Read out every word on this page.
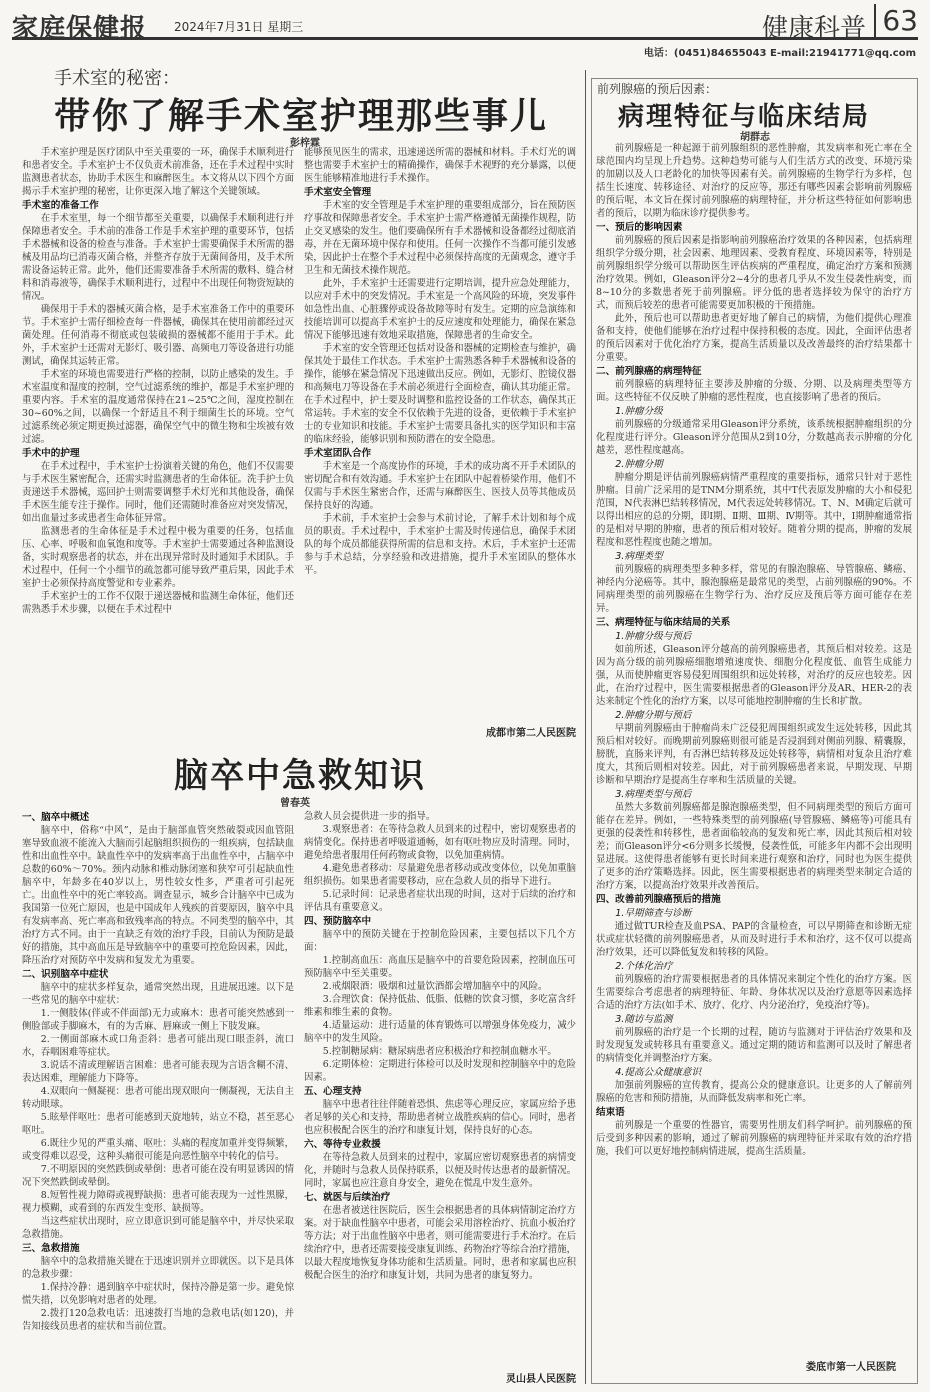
家庭保健报 2024年7月31日 星期三	健康科普 63
电话：(0451)84655043 E-mail:21941771@qq.com
手术室的秘密：
带你了解手术室护理那些事儿
彭梓霖

手术室护理是医疗团队中至关重要的一环，确保手术顺利进行和患者安全。手术室护士不仅负责术前准备，还在手术过程中实时监测患者状态，协助手术医生和麻醉医生。本文将从以下四个方面揭示手术室护理的秘密，让你更深入地了解这个关键领域。

手术室的准备工作

在手术室里，每一个细节都至关重要，以确保手术顺利进行并保障患者安全。手术前的准备工作是手术室护理的重要环节，包括手术器械和设备的检查与准备。手术室护士需要确保手术所需的器械及用品均已消毒灭菌合格，并整齐存放于无菌间备用，及手术所需设备运转正常。此外，他们还需要准备手术所需的敷料、缝合材料和消毒液等，确保手术顺利进行，过程中不出现任何物资短缺的情况。

确保用于手术的器械灭菌合格，是手术室准备工作中的重要环节。手术室护士需仔细检查每一件器械，确保其在使用前都经过灭菌处理。任何消毒不彻底或包装破损的器械都不能用于手术。此外，手术室护士还需对无影灯、吸引器、高频电刀等设备进行功能测试，确保其运转正常。

手术室的环境也需要进行严格的控制，以防止感染的发生。手术室温度和湿度的控制，空气过滤系统的维护，都是手术室护理的重要内容。手术室的温度通常保持在21~25℃之间，湿度控制在30~60%之间，以确保一个舒适且不利于细菌生长的环境。空气过滤系统必须定期更换过滤器，确保空气中的微生物和尘埃被有效过滤。

手术中的护理

在手术过程中，手术室护士扮演着关键的角色，他们不仅需要与手术医生紧密配合，还需实时监测患者的生命体征。洗手护士负责递送手术器械，巡回护士则需要调整手术灯光和其他设备，确保手术医生能专注于操作。同时，他们还需随时准备应对突发情况，如出血量过多或患者生命体征异常。

监测患者的生命体征是手术过程中极为重要的任务，包括血压、心率、呼吸和血氧饱和度等。手术室护士需要通过各种监测设备，实时观察患者的状态，并在出现异常时及时通知手术团队。手术过程中，任何一个小细节的疏忽都可能导致严重后果，因此手术室护士必须保持高度警觉和专业素养。

手术室护士的工作不仅限于递送器械和监测生命体征，他们还需熟悉手术步骤，以便在手术过程中

能够预见医生的需求，迅速递送所需的器械和材料。手术灯光的调整也需要手术室护士的精确操作，确保手术视野的充分暴露，以便医生能够精准地进行手术操作。

手术室安全管理

手术室的安全管理是手术室护理的重要组成部分，旨在预防医疗事故和保障患者安全。手术室护士需严格遵循无菌操作规程，防止交叉感染的发生。他们要确保所有手术器械和设备都经过彻底消毒，并在无菌环境中保存和使用。任何一次操作不当都可能引发感染，因此护士在整个手术过程中必须保持高度的无菌观念，遵守手卫生和无菌技术操作规范。

此外，手术室护士还需要进行定期培训，提升应急处理能力，以应对手术中的突发情况。手术室是一个高风险的环境，突发事件如急性出血、心脏骤停或设备故障等时有发生。定期的应急演练和技能培训可以提高手术室护士的反应速度和处理能力，确保在紧急情况下能够迅速有效地采取措施，保障患者的生命安全。

手术室的安全管理还包括对设备和器械的定期检查与维护，确保其处于最佳工作状态。手术室护士需熟悉各种手术器械和设备的操作，能够在紧急情况下迅速做出反应。例如，无影灯、腔镜仪器和高频电刀等设备在手术前必须进行全面检查，确认其功能正常。在手术过程中，护士要及时调整和监控设备的工作状态，确保其正常运转。手术室的安全不仅依赖于先进的设备，更依赖于手术室护士的专业知识和技能。手术室护士需要具备扎实的医学知识和丰富的临床经验，能够识别和预防潜在的安全隐患。

手术室团队合作

手术室是一个高度协作的环境，手术的成功离不开手术团队的密切配合和有效沟通。手术室护士在团队中起着桥梁作用，他们不仅需与手术医生紧密合作，还需与麻醉医生、医技人员等其他成员保持良好的沟通。

手术前，手术室护士会参与术前讨论，了解手术计划和每个成员的职责。手术过程中，手术室护士需及时传递信息，确保手术团队的每个成员都能获得所需的信息和支持。术后，手术室护士还需参与手术总结，分享经验和改进措施，提升手术室团队的整体水平。

成都市第二人民医院
脑卒中急救知识
曾春英
一、脑卒中概述

脑卒中，俗称“中风”，是由于脑部血管突然破裂或因血管阻塞导致血液不能流入大脑而引起脑组织损伤的一组疾病，包括缺血性和出血性卒中。缺血性卒中的发病率高于出血性卒中，占脑卒中总数的60%～70%。颈内动脉和椎动脉闭塞和狭窄可引起缺血性脑卒中，年龄多在40岁以上，男性较女性多，严重者可引起死亡。出血性卒中的死亡率较高。调查显示，城乡合计脑卒中已成为我国第一位死亡原因，也是中国成年人残疾的首要原因，脑卒中具有发病率高、死亡率高和致残率高的特点。不同类型的脑卒中，其治疗方式不同。由于一直缺乏有效的治疗手段，目前认为预防是最好的措施，其中高血压是导致脑卒中的重要可控危险因素，因此，降压治疗对预防卒中发病和复发尤为重要。

二、识别脑卒中症状

脑卒中的症状多样复杂，通常突然出现，且进展迅速。以下是一些常见的脑卒中症状：

1.一侧肢体(伴或不伴面部)无力或麻木：患者可能突然感到一侧脸部或手脚麻木，有的为舌麻、唇麻或一侧上下肢发麻。

2.一侧面部麻木或口角歪斜：患者可能出现口眼歪斜，流口水，吞咽困难等症状。

3.说话不清或理解语言困难：患者可能表现为言语含糊不清、表达困难，理解能力下降等。

4.双眼向一侧凝视：患者可能出现双眼向一侧凝视，无法自主转动眼球。

5.眩晕伴呕吐：患者可能感到天旋地转，站立不稳，甚至恶心呕吐。

6.既往少见的严重头痛、呕吐：头痛的程度加重并变得频繁，或变得难以忍受，这种头痛很可能是向恶性脑卒中转化的信号。

7.不明原因的突然跌倒或晕倒：患者可能在没有明显诱因的情况下突然跌倒或晕倒。

8.短暂性视力障碍或视野缺损：患者可能表现为一过性黑朦，视力模糊，或看到的东西发生变形、缺损等。

当这些症状出现时，应立即意识到可能是脑卒中，并尽快采取急救措施。

三、急救措施

脑卒中的急救措施关键在于迅速识别并立即就医。以下是具体的急救步骤：

1.保持冷静：遇到脑卒中症状时，保持冷静是第一步。避免惊慌失措，以免影响对患者的处理。

2.拨打120急救电话：迅速拨打当地的急救电话(如120)，并告知接线员患者的症状和当前位置。

急救人员会提供进一步的指导。

3.观察患者：在等待急救人员到来的过程中，密切观察患者的病情变化。保持患者呼吸道通畅，如有呕吐物应及时清理。同时，避免给患者服用任何药物或食物，以免加重病情。

4.避免患者移动：尽量避免患者移动或改变体位，以免加重脑组织损伤。如果患者需要移动，应在急救人员的指导下进行。

5.记录时间：记录患者症状出现的时间，这对于后续的治疗和评估具有重要意义。

四、预防脑卒中

脑卒中的预防关键在于控制危险因素，主要包括以下几个方面：

1.控制高血压：高血压是脑卒中的首要危险因素，控制血压可预防脑卒中至关重要。

2.戒烟限酒：吸烟和过量饮酒都会增加脑卒中的风险。

3.合理饮食：保持低盐、低脂、低糖的饮食习惯，多吃富含纤维素和维生素的食物。

4.适量运动：进行适量的体育锻炼可以增强身体免疫力，减少脑卒中的发生风险。

5.控制糖尿病：糖尿病患者应积极治疗和控制血糖水平。

6.定期体检：定期进行体检可以及时发现和控制脑卒中的危险因素。

五、心理支持

脑卒中患者往往伴随着恐惧、焦虑等心理反应，家属应给予患者足够的关心和支持，帮助患者树立战胜疾病的信心。同时，患者也应积极配合医生的治疗和康复计划，保持良好的心态。

六、等待专业救援

在等待急救人员到来的过程中，家属应密切观察患者的病情变化，并随时与急救人员保持联系，以便及时传达患者的最新情况。同时，家属也应注意自身安全，避免在慌乱中发生意外。

七、就医与后续治疗

在患者被送往医院后，医生会根据患者的具体病情制定治疗方案。对于缺血性脑卒中患者，可能会采用溶栓治疗、抗血小板治疗等方法；对于出血性脑卒中患者，则可能需要进行手术治疗。在后续治疗中，患者还需要接受康复训练、药物治疗等综合治疗措施，以最大程度地恢复身体功能和生活质量。同时，患者和家属也应积极配合医生的治疗和康复计划，共同为患者的康复努力。

灵山县人民医院
前列腺癌的预后因素：
病理特征与临床结局
胡群志

前列腺癌是一种起源于前列腺组织的恶性肿瘤，其发病率和死亡率在全球范围内均呈现上升趋势。这种趋势可能与人们生活方式的改变、环境污染的加剧以及人口老龄化的加快等因素有关。前列腺癌的生物学行为多样，包括生长速度、转移途径、对治疗的反应等，那还有哪些因素会影响前列腺癌的预后呢，本文旨在探讨前列腺癌的病理特征，并分析这些特征如何影响患者的预后，以期为临床诊疗提供参考。

一、预后的影响因素

前列腺癌的预后因素是指影响前列腺癌治疗效果的各种因素，包括病理组织学分级分期，社会因素、地理因素、受教育程度、环境因素等，特别是前列腺组织学分级可以帮助医生评估疾病的严重程度，确定治疗方案和预测治疗效果。例如，Gleason评分2~4分的患者几乎从不发生侵袭性病变，而8~10分的多数患者死于前列腺癌。评分低的患者选择较为保守的治疗方式，而预后较差的患者可能需要更加积极的干预措施。

此外，预后也可以帮助患者更好地了解自己的病情，为他们提供心理准备和支持，使他们能够在治疗过程中保持积极的态度。因此，全面评估患者的预后因素对于优化治疗方案，提高生活质量以及改善最终的治疗结果都十分重要。

二、前列腺癌的病理特征

前列腺癌的病理特征主要涉及肿瘤的分级、分期、以及病理类型等方面。这些特征不仅反映了肿瘤的恶性程度，也直接影响了患者的预后。

1.肿瘤分级

前列腺癌的分级通常采用Gleason评分系统，该系统根据肿瘤组织的分化程度进行评分。Gleason评分范围从2到10分，分数越高表示肿瘤的分化越差，恶性程度越高。

2.肿瘤分期

肿瘤分期是评估前列腺癌病情严重程度的重要指标，通常只针对于恶性肿瘤。目前广泛采用的是TNM分期系统，其中T代表原发肿瘤的大小和侵犯范围，N代表淋巴结转移情况，M代表远处转移情况。T、N、M确定后就可以得出相应的总的分期，即Ⅰ期、Ⅱ期、Ⅲ期、Ⅳ期等。其中，Ⅰ期肿瘤通常指的是相对早期的肿瘤，患者的预后相对较好。随着分期的提高，肿瘤的发展程度和恶性程度也随之增加。

3.病理类型

前列腺癌的病理类型多种多样，常见的有腺泡腺癌、导管腺癌、鳞癌、神经内分泌癌等。其中，腺泡腺癌是最常见的类型，占前列腺癌的90%。不同病理类型的前列腺癌在生物学行为、治疗反应及预后等方面可能存在差异。

三、病理特征与临床结局的关系
1.肿瘤分级与预后

如前所述，Gleason评分越高的前列腺癌患者，其预后相对较差。这是因为高分级的前列腺癌细胞增殖速度快、细胞分化程度低、血管生成能力强，从而使肿瘤更容易侵犯周围组织和远处转移，对治疗的反应也较差。因此，在治疗过程中，医生需要根据患者的Gleason评分及AR、HER-2的表达来制定个性化的治疗方案，以尽可能地控制肿瘤的生长和扩散。

2.肿瘤分期与预后

早期前列腺癌由于肿瘤尚未广泛侵犯周围组织或发生远处转移，因此其预后相对较好。而晚期前列腺癌则很可能是否浸润到对侧前列腺、精囊腺，膀胱，直肠来评判，有否淋巴结转移及远处转移等，病情相对复杂且治疗难度大，其预后则相对较差。因此，对于前列腺癌患者来说，早期发现、早期诊断和早期治疗是提高生存率和生活质量的关键。

3.病理类型与预后

虽然大多数前列腺癌都是腺泡腺癌类型，但不同病理类型的预后方面可能存在差异。例如，一些特殊类型的前列腺癌(导管腺癌、鳞癌等)可能具有更强的侵袭性和转移性，患者面临较高的复发和死亡率，因此其预后相对较差；而Gleason评分<6分则多长缓慢，侵袭性低，可能多年内都不会出现明显进展。这使得患者能够有更长时间来进行观察和治疗，同时也为医生提供了更多的治疗策略选择。因此，医生需要根据患者的病理类型来制定合适的治疗方案，以提高治疗效果并改善预后。

四、改善前列腺癌预后的措施
1.早期筛查与诊断

通过做TUR检查及血PSA、PAP的含量检查，可以早期筛查和诊断无症状或症状轻微的前列腺癌患者，从而及时进行手术和治疗，这不仅可以提高治疗效果，还可以降低复发和转移的风险。

2.个体化治疗

前列腺癌的治疗需要根据患者的具体情况来制定个性化的治疗方案。医生需要综合考虑患者的病理特征、年龄、身体状况以及治疗意愿等因素选择合适的治疗方法(如手术、放疗、化疗、内分泌治疗，免疫治疗等)。

3.随访与监测

前列腺癌的治疗是一个长期的过程，随访与监测对于评估治疗效果和及时发现复发或转移具有重要意义。通过定期的随访和监测可以及时了解患者的病情变化并调整治疗方案。

4.提高公众健康意识

加强前列腺癌的宣传教育，提高公众的健康意识。让更多的人了解前列腺癌的危害和预防措施，从而降低发病率和死亡率。

结束语

前列腺是一个重要的性器官，需要男性朋友们科学呵护。前列腺癌的预后受到多种因素的影响，通过了解前列腺癌的病理特征并采取有效的治疗措施，我们可以更好地控制病情进展，提高生活质量。

娄底市第一人民医院
